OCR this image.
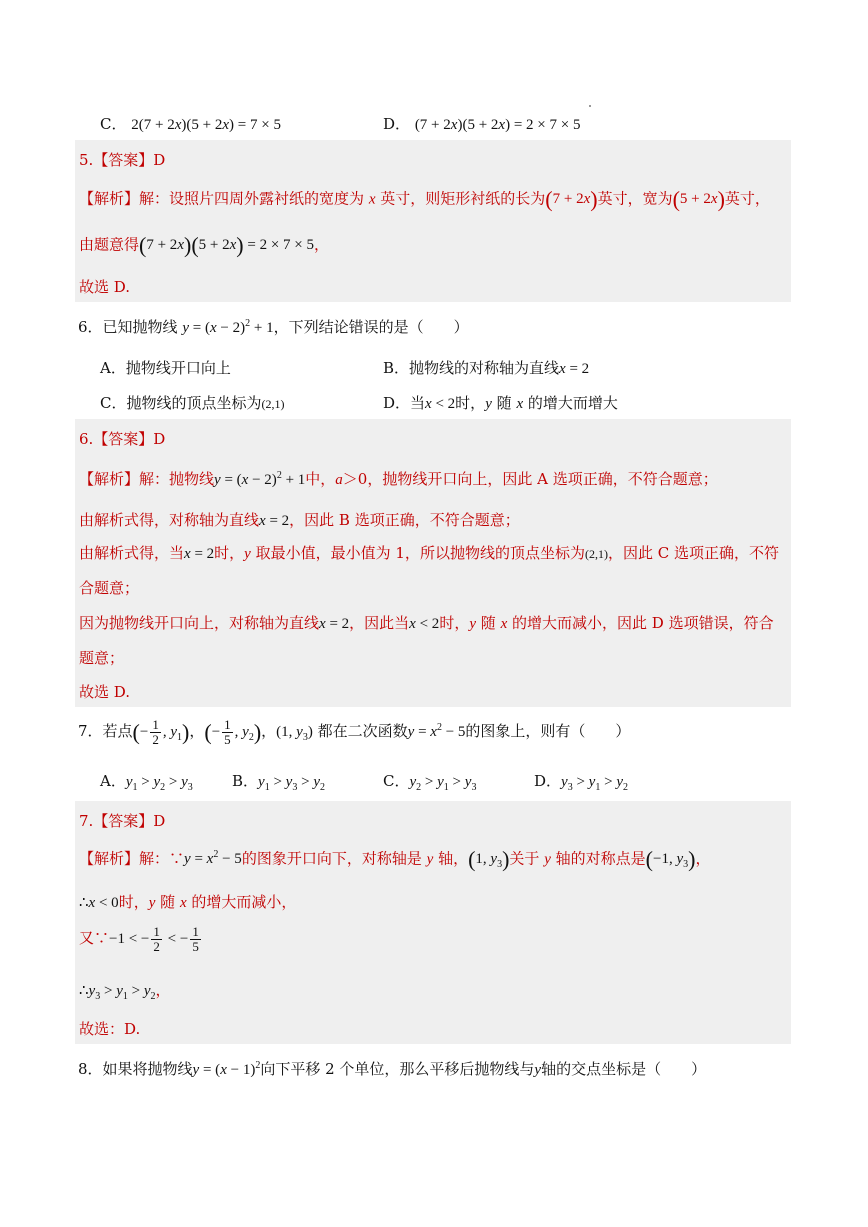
C． 2(7 + 2x)(5 + 2x) = 7 × 5	D． (7 + 2x)(5 + 2x) = 2 × 7 × 5
5.【答案】D
【解析】解：设照片四周外露衬纸的宽度为 x 英寸，则矩形衬纸的长为(7 + 2x)英寸，宽为(5 + 2x)英寸，
由题意得(7 + 2x)(5 + 2x) = 2 × 7 × 5，
故选 D.
6．已知抛物线 $y = (x - 2)^2 + 1$，下列结论错误的是（　　）
A．抛物线开口向上	B．抛物线的对称轴为直线x = 2
C．抛物线的顶点坐标为(2,1)	D．当x < 2时，y 随 x 的增大而增大
6.【答案】D
【解析】解：抛物线$y = (x - 2)^2 + 1$中，a＞0，抛物线开口向上，因此 A 选项正确，不符合题意；
由解析式得，对称轴为直线x = 2，因此 B 选项正确，不符合题意；
由解析式得，当x = 2时，y 取最小值，最小值为 1，所以抛物线的顶点坐标为(2,1)，因此 C 选项正确，不符
合题意；
因为抛物线开口向上，对称轴为直线x = 2，因此当x < 2时，y 随 x 的增大而减小，因此 D 选项错误，符合
题意；
故选 D.
7．若点(− $\frac{1}{2}$ , $y_1$)，(− $\frac{1}{5}$ , $y_2$)，(1, $y_3$) 都在二次函数$y = x^2 - 5$的图象上，则有（　　）
A．$y_1 > y_2 > y_3$	B．$y_1 > y_3 > y_2$	C．$y_2 > y_1 > y_3$	D．$y_3 > y_1 > y_2$
7.【答案】D
【解析】解：∵y = $x^2 - 5$的图象开口向下，对称轴是 y 轴，(1, $y_3$)关于 y 轴的对称点是(−1, $y_3$)，
∴x < 0时，y 随 x 的增大而减小，
又∵−1 < − $\frac{1}{2}$ < − $\frac{1}{5}$
$\therefore y_3 > y_1 > y_2$，
故选：D.
8．如果将抛物线$y = (x - 1)^2$向下平移 2 个单位，那么平移后抛物线与y轴的交点坐标是（　　）
